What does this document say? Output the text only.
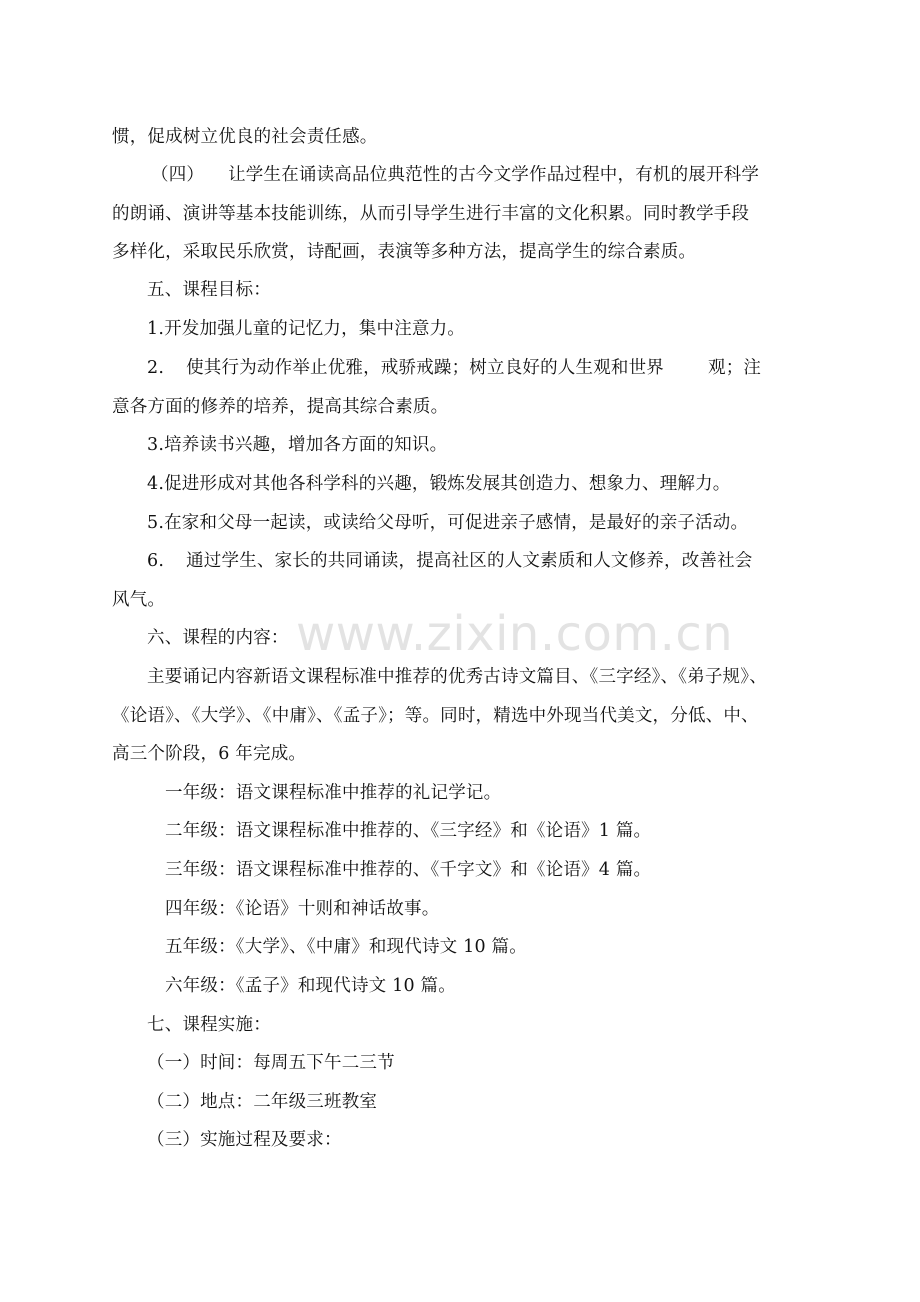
www.zixin.com.cn
惯，促成树立优良的社会责任感。
（四） 让学生在诵读高品位典范性的古今文学作品过程中，有机的展开科学
的朗诵、演讲等基本技能训练，从而引导学生进行丰富的文化积累。同时教学手段
多样化，采取民乐欣赏，诗配画，表演等多种方法，提高学生的综合素质。
五、课程目标：
1.开发加强儿童的记忆力，集中注意力。
2. 使其行为动作举止优雅，戒骄戒躁；树立良好的人生观和世界	观；注
意各方面的修养的培养，提高其综合素质。
3.培养读书兴趣，增加各方面的知识。
4.促进形成对其他各科学科的兴趣，锻炼发展其创造力、想象力、理解力。
5.在家和父母一起读，或读给父母听，可促进亲子感情，是最好的亲子活动。
6. 通过学生、家长的共同诵读，提高社区的人文素质和人文修养，改善社会
风气。
六、课程的内容：
主要诵记内容新语文课程标准中推荐的优秀古诗文篇目、《三字经》、《弟子规》、
《论语》、《大学》、《中庸》、《孟子》；等。同时，精选中外现当代美文，分低、中、
高三个阶段，6 年完成。
一年级：语文课程标准中推荐的礼记学记。
二年级：语文课程标准中推荐的、《三字经》和《论语》1 篇。
三年级：语文课程标准中推荐的、《千字文》和《论语》4 篇。
四年级：《论语》十则和神话故事。
五年级：《大学》、《中庸》和现代诗文 10 篇。
六年级：《孟子》和现代诗文 10 篇。
七、课程实施：
（一）时间：每周五下午二三节
（二）地点：二年级三班教室
（三）实施过程及要求：
